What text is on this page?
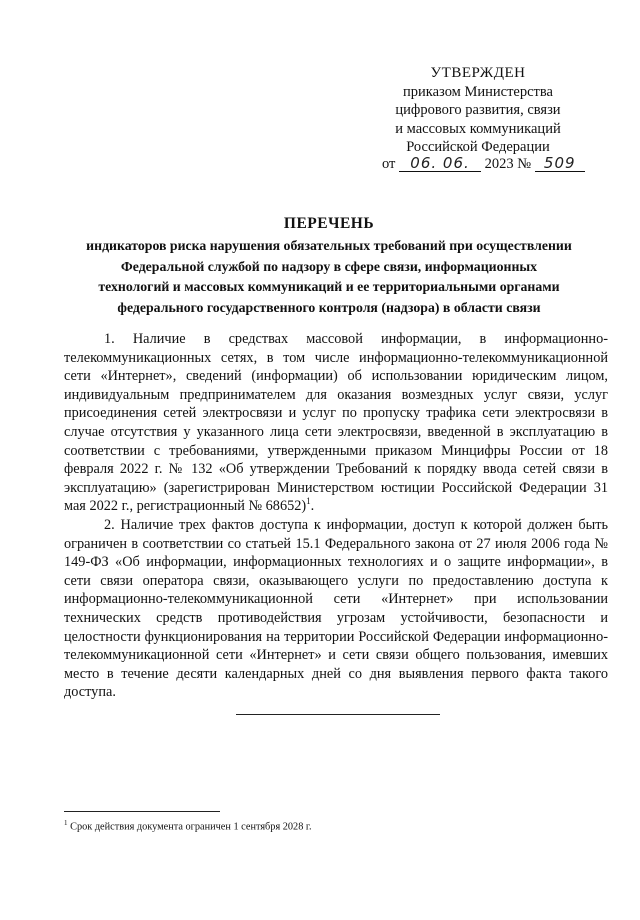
УТВЕРЖДЕН
приказом Министерства
цифрового развития, связи
и массовых коммуникаций
Российской Федерации
от 06. 06. 2023 № 509
ПЕРЕЧЕНЬ
индикаторов риска нарушения обязательных требований при осуществлении
Федеральной службой по надзору в сфере связи, информационных
технологий и массовых коммуникаций и ее территориальными органами
федерального государственного контроля (надзора) в области связи

1. Наличие в средствах массовой информации, в информационно-телекоммуникационных сетях, в том числе информационно-телекоммуникационной сети «Интернет», сведений (информации) об использовании юридическим лицом, индивидуальным предпринимателем для оказания возмездных услуг связи, услуг присоединения сетей электросвязи и услуг по пропуску трафика сети электросвязи в случае отсутствия у указанного лица сети электросвязи, введенной в эксплуатацию в соответствии с требованиями, утвержденными приказом Минцифры России от 18 февраля 2022 г. № 132 «Об утверждении Требований к порядку ввода сетей связи в эксплуатацию» (зарегистрирован Министерством юстиции Российской Федерации 31 мая 2022 г., регистрационный № 68652)$^1$.

2. Наличие трех фактов доступа к информации, доступ к которой должен быть ограничен в соответствии со статьей 15.1 Федерального закона от 27 июля 2006 года № 149-ФЗ «Об информации, информационных технологиях и о защите информации», в сети связи оператора связи, оказывающего услуги по предоставлению доступа к информационно-телекоммуникационной сети «Интернет» при использовании технических средств противодействия угрозам устойчивости, безопасности и целостности функционирования на территории Российской Федерации информационно-телекоммуникационной сети «Интернет» и сети связи общего пользования, имевших место в течение десяти календарных дней со дня выявления первого факта такого доступа.

$^1$ Срок действия документа ограничен 1 сентября 2028 г.
